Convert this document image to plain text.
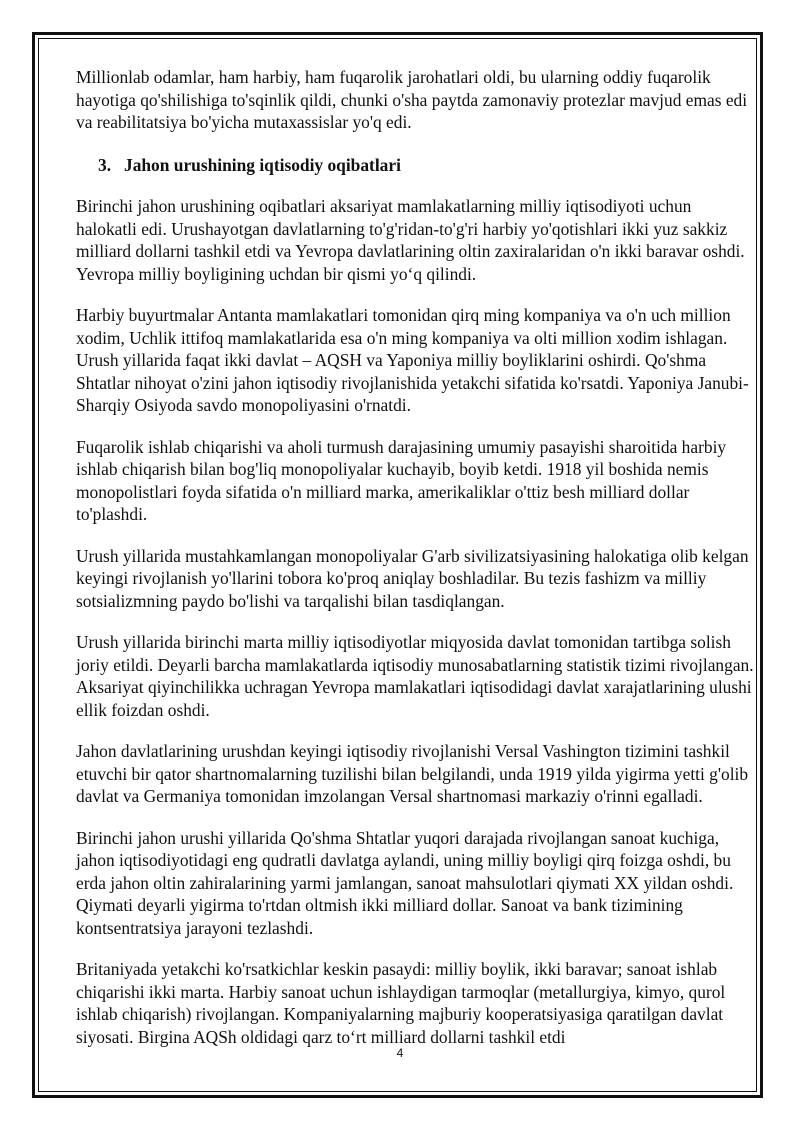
Millionlab odamlar, ham harbiy, ham fuqarolik jarohatlari oldi, bu ularning oddiy fuqarolik hayotiga qo'shilishiga to'sqinlik qildi, chunki o'sha paytda zamonaviy protezlar mavjud emas edi va reabilitatsiya bo'yicha mutaxassislar yo'q edi.

3. Jahon urushining iqtisodiy oqibatlari

Birinchi jahon urushining oqibatlari aksariyat mamlakatlarning milliy iqtisodiyoti uchun halokatli edi. Urushayotgan davlatlarning to'g'ridan-to'g'ri harbiy yo'qotishlari ikki yuz sakkiz milliard dollarni tashkil etdi va Yevropa davlatlarining oltin zaxiralaridan o'n ikki baravar oshdi. Yevropa milliy boyligining uchdan bir qismi yo‘q qilindi.

Harbiy buyurtmalar Antanta mamlakatlari tomonidan qirq ming kompaniya va o'n uch million xodim, Uchlik ittifoq mamlakatlarida esa o'n ming kompaniya va olti million xodim ishlagan. Urush yillarida faqat ikki davlat – AQSH va Yaponiya milliy boyliklarini oshirdi. Qo'shma Shtatlar nihoyat o'zini jahon iqtisodiy rivojlanishida yetakchi sifatida ko'rsatdi. Yaponiya Janubi-Sharqiy Osiyoda savdo monopoliyasini o'rnatdi.

Fuqarolik ishlab chiqarishi va aholi turmush darajasining umumiy pasayishi sharoitida harbiy ishlab chiqarish bilan bog'liq monopoliyalar kuchayib, boyib ketdi. 1918 yil boshida nemis monopolistlari foyda sifatida o'n milliard marka, amerikaliklar o'ttiz besh milliard dollar to'plashdi.

Urush yillarida mustahkamlangan monopoliyalar G'arb sivilizatsiyasining halokatiga olib kelgan keyingi rivojlanish yo'llarini tobora ko'proq aniqlay boshladilar. Bu tezis fashizm va milliy sotsializmning paydo bo'lishi va tarqalishi bilan tasdiqlangan.

Urush yillarida birinchi marta milliy iqtisodiyotlar miqyosida davlat tomonidan tartibga solish joriy etildi. Deyarli barcha mamlakatlarda iqtisodiy munosabatlarning statistik tizimi rivojlangan. Aksariyat qiyinchilikka uchragan Yevropa mamlakatlari iqtisodidagi davlat xarajatlarining ulushi ellik foizdan oshdi.

Jahon davlatlarining urushdan keyingi iqtisodiy rivojlanishi Versal Vashington tizimini tashkil etuvchi bir qator shartnomalarning tuzilishi bilan belgilandi, unda 1919 yilda yigirma yetti g'olib davlat va Germaniya tomonidan imzolangan Versal shartnomasi markaziy o'rinni egalladi.

Birinchi jahon urushi yillarida Qo'shma Shtatlar yuqori darajada rivojlangan sanoat kuchiga, jahon iqtisodiyotidagi eng qudratli davlatga aylandi, uning milliy boyligi qirq foizga oshdi, bu erda jahon oltin zahiralarining yarmi jamlangan, sanoat mahsulotlari qiymati XX yildan oshdi. Qiymati deyarli yigirma to'rtdan oltmish ikki milliard dollar. Sanoat va bank tizimining kontsentratsiya jarayoni tezlashdi.

Britaniyada yetakchi ko'rsatkichlar keskin pasaydi: milliy boylik, ikki baravar; sanoat ishlab chiqarishi ikki marta. Harbiy sanoat uchun ishlaydigan tarmoqlar (metallurgiya, kimyo, qurol ishlab chiqarish) rivojlangan. Kompaniyalarning majburiy kooperatsiyasiga qaratilgan davlat siyosati. Birgina AQSh oldidagi qarz to‘rt milliard dollarni tashkil etdi

4
